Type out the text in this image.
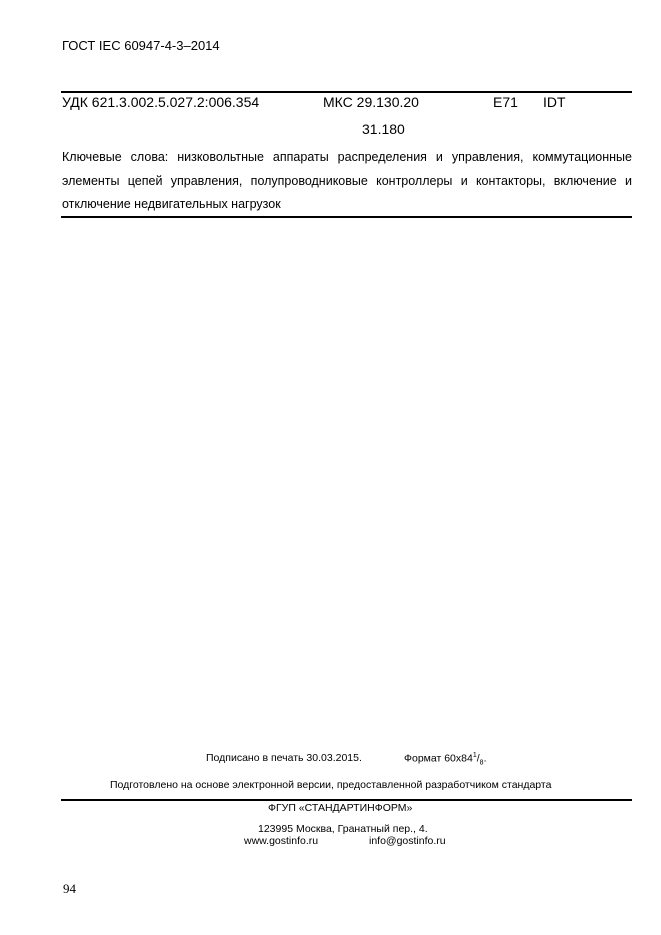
ГОСТ IEC 60947-4-3–2014
УДК 621.3.002.5.027.2:006.354	МКС 29.130.20	Е71 IDT
31.180
Ключевые слова: низковольтные аппараты распределения и управления, коммутационные элементы цепей управления, полупроводниковые контроллеры и контакторы, включение и отключение недвигательных нагрузок
Подписано в печать 30.03.2015.	Формат $60х84^1/_8$.
Подготовлено на основе электронной версии, предоставленной разработчиком стандарта
ФГУП «СТАНДАРТИНФОРМ»
123995 Москва, Гранатный пер., 4.
www.gostinfo.ru	info@gostinfo.ru
94
